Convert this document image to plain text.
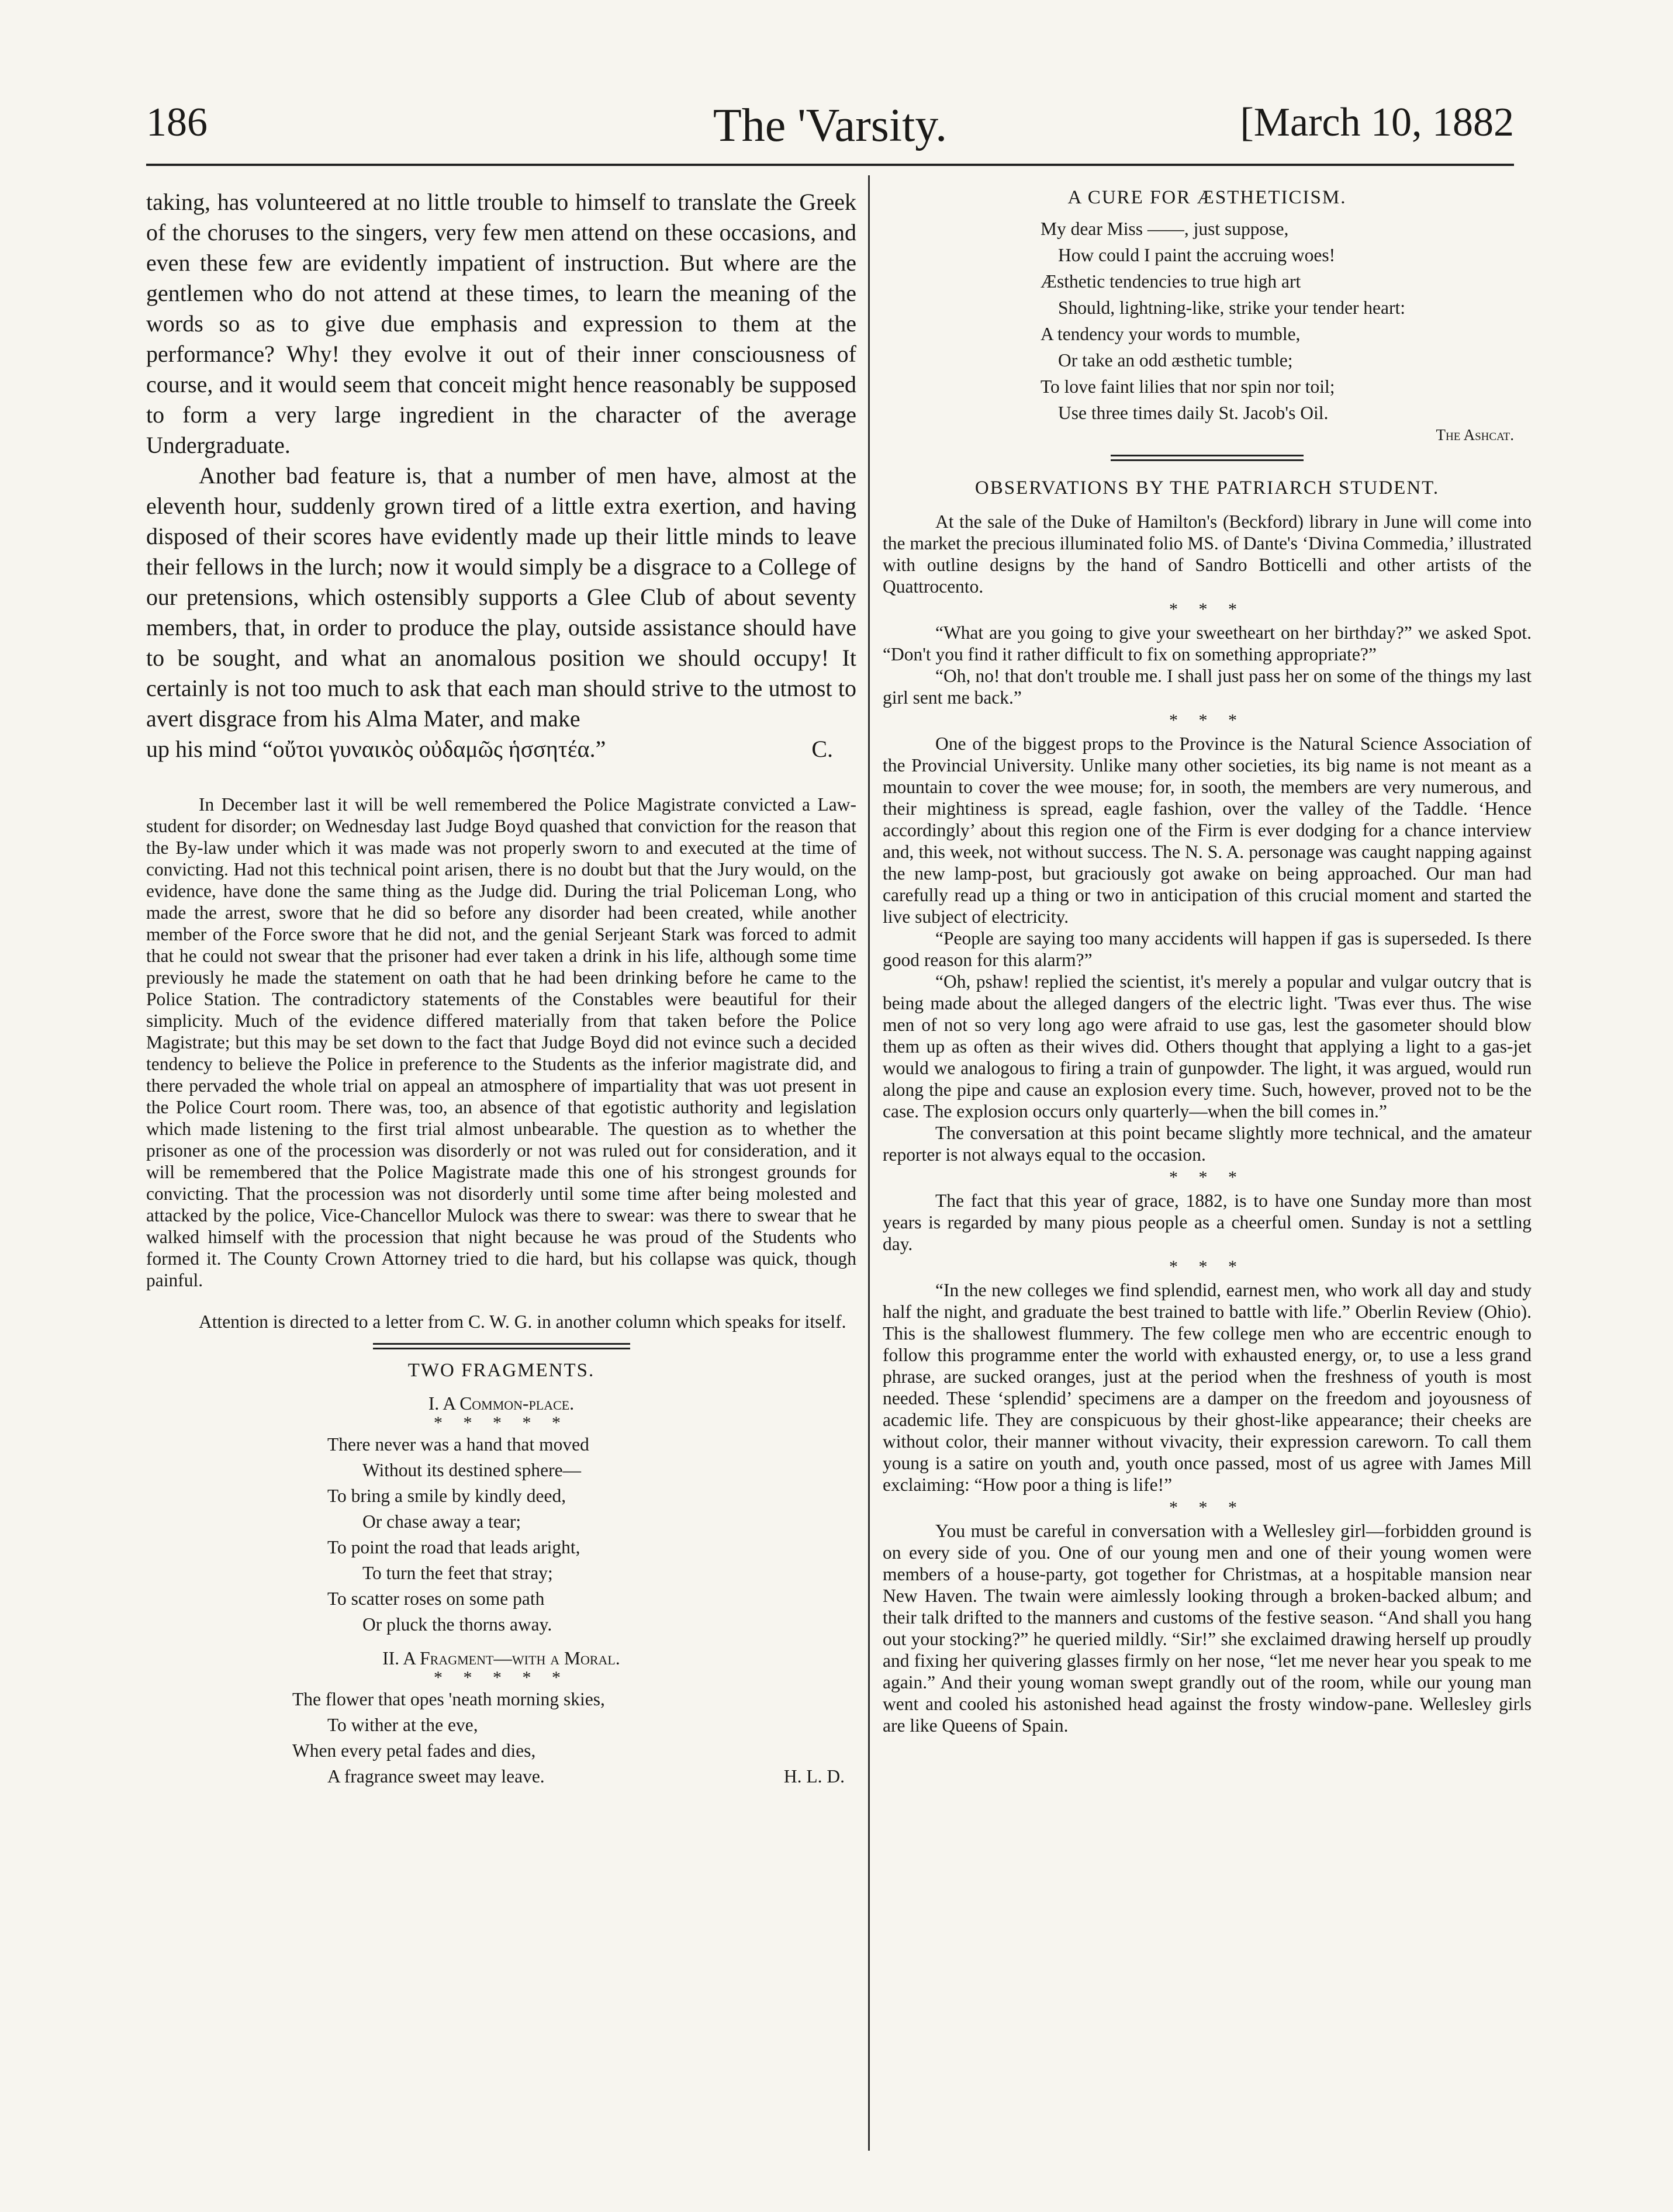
186	The 'Varsity.	[March 10, 1882

taking, has volunteered at no little trouble to himself to translate the Greek of the choruses to the singers, very few men attend on these occasions, and even these few are evidently impatient of instruction. But where are the gentlemen who do not attend at these times, to learn the meaning of the words so as to give due emphasis and expression to them at the performance? Why! they evolve it out of their inner consciousness of course, and it would seem that conceit might hence reasonably be supposed to form a very large ingredient in the character of the average Undergraduate.

Another bad feature is, that a number of men have, almost at the eleventh hour, suddenly grown tired of a little extra exertion, and having disposed of their scores have evidently made up their little minds to leave their fellows in the lurch; now it would simply be a disgrace to a College of our pretensions, which ostensibly supports a Glee Club of about seventy members, that, in order to produce the play, outside assistance should have to be sought, and what an anomalous position we should occupy! It certainly is not too much to ask that each man should strive to the utmost to avert disgrace from his Alma Mater, and make

up his mind “οὔτοι γυναικὸς οὐδαμῶς ἡσσητέα.”	C.

In December last it will be well remembered the Police Magistrate convicted a Law-student for disorder; on Wednesday last Judge Boyd quashed that conviction for the reason that the By-law under which it was made was not properly sworn to and executed at the time of convicting. Had not this technical point arisen, there is no doubt but that the Jury would, on the evidence, have done the same thing as the Judge did. During the trial Policeman Long, who made the arrest, swore that he did so before any disorder had been created, while another member of the Force swore that he did not, and the genial Serjeant Stark was forced to admit that he could not swear that the prisoner had ever taken a drink in his life, although some time previously he made the statement on oath that he had been drinking before he came to the Police Station. The contradictory statements of the Constables were beautiful for their simplicity. Much of the evidence differed materially from that taken before the Police Magistrate; but this may be set down to the fact that Judge Boyd did not evince such a decided tendency to believe the Police in preference to the Students as the inferior magistrate did, and there pervaded the whole trial on appeal an atmosphere of impartiality that was uot present in the Police Court room. There was, too, an absence of that egotistic authority and legislation which made listening to the first trial almost unbearable. The question as to whether the prisoner as one of the procession was disorderly or not was ruled out for consideration, and it will be remembered that the Police Magistrate made this one of his strongest grounds for convicting. That the procession was not disorderly until some time after being molested and attacked by the police, Vice-Chancellor Mulock was there to swear: was there to swear that he walked himself with the procession that night because he was proud of the Students who formed it. The County Crown Attorney tried to die hard, but his collapse was quick, though painful.

Attention is directed to a letter from C. W. G. in another column which speaks for itself.

TWO FRAGMENTS.
I. A Common-place.
* * * * *
There never was a hand that moved
Without its destined sphere—
To bring a smile by kindly deed,
Or chase away a tear;
To point the road that leads aright,
To turn the feet that stray;
To scatter roses on some path
Or pluck the thorns away.
II. A Fragment—with a Moral.
* * * * *
The flower that opes 'neath morning skies,
To wither at the eve,
When every petal fades and dies,
A fragrance sweet may leave.	H. L. D.
A CURE FOR ÆSTHETICISM.
My dear Miss ——, just suppose,
How could I paint the accruing woes!
Æsthetic tendencies to true high art
Should, lightning-like, strike your tender heart:
A tendency your words to mumble,
Or take an odd æsthetic tumble;
To love faint lilies that nor spin nor toil;
Use three times daily St. Jacob's Oil.
The Ashcat.
OBSERVATIONS BY THE PATRIARCH STUDENT.

At the sale of the Duke of Hamilton's (Beckford) library in June will come into the market the precious illuminated folio MS. of Dante's ‘Divina Commedia,’ illustrated with outline designs by the hand of Sandro Botticelli and other artists of the Quattrocento.

* * *

“What are you going to give your sweetheart on her birthday?” we asked Spot. “Don't you find it rather difficult to fix on something appropriate?”

“Oh, no! that don't trouble me. I shall just pass her on some of the things my last girl sent me back.”

* * *

One of the biggest props to the Province is the Natural Science Association of the Provincial University. Unlike many other societies, its big name is not meant as a mountain to cover the wee mouse; for, in sooth, the members are very numerous, and their mightiness is spread, eagle fashion, over the valley of the Taddle. ‘Hence accordingly’ about this region one of the Firm is ever dodging for a chance interview and, this week, not without success. The N. S. A. personage was caught napping against the new lamp-post, but graciously got awake on being approached. Our man had carefully read up a thing or two in anticipation of this crucial moment and started the live subject of electricity.

“People are saying too many accidents will happen if gas is superseded. Is there good reason for this alarm?”

“Oh, pshaw! replied the scientist, it's merely a popular and vulgar outcry that is being made about the alleged dangers of the electric light. 'Twas ever thus. The wise men of not so very long ago were afraid to use gas, lest the gasometer should blow them up as often as their wives did. Others thought that applying a light to a gas-jet would we analogous to firing a train of gunpowder. The light, it was argued, would run along the pipe and cause an explosion every time. Such, however, proved not to be the case. The explosion occurs only quarterly—when the bill comes in.”

The conversation at this point became slightly more technical, and the amateur reporter is not always equal to the occasion.

* * *

The fact that this year of grace, 1882, is to have one Sunday more than most years is regarded by many pious people as a cheerful omen. Sunday is not a settling day.

* * *

“In the new colleges we find splendid, earnest men, who work all day and study half the night, and graduate the best trained to battle with life.” Oberlin Review (Ohio). This is the shallowest flummery. The few college men who are eccentric enough to follow this programme enter the world with exhausted energy, or, to use a less grand phrase, are sucked oranges, just at the period when the freshness of youth is most needed. These ‘splendid’ specimens are a damper on the freedom and joyousness of academic life. They are conspicuous by their ghost-like appearance; their cheeks are without color, their manner without vivacity, their expression careworn. To call them young is a satire on youth and, youth once passed, most of us agree with James Mill exclaiming: “How poor a thing is life!”

* * *

You must be careful in conversation with a Wellesley girl—forbidden ground is on every side of you. One of our young men and one of their young women were members of a house-party, got together for Christmas, at a hospitable mansion near New Haven. The twain were aimlessly looking through a broken-backed album; and their talk drifted to the manners and customs of the festive season. “And shall you hang out your stocking?” he queried mildly. “Sir!” she exclaimed drawing herself up proudly and fixing her quivering glasses firmly on her nose, “let me never hear you speak to me again.” And their young woman swept grandly out of the room, while our young man went and cooled his astonished head against the frosty window-pane. Wellesley girls are like Queens of Spain.
